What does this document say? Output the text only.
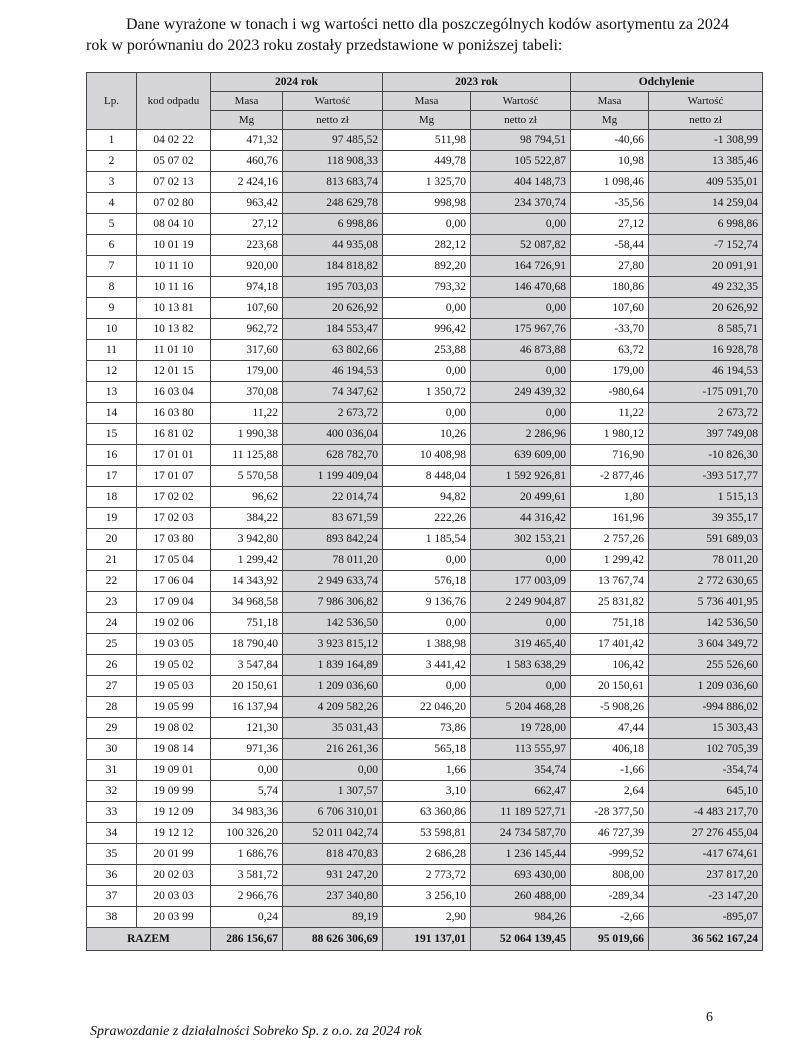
Dane wyrażone w tonach i wg wartości netto dla poszczególnych kodów asortymentu za 2024 rok w porównaniu do 2023 roku zostały przedstawione w poniższej tabeli:

Lp.	kod odpadu	2024 rok		2023 rok		Odchylenie	
		Masa	Wartość	Masa	Wartość	Masa	Wartość
		Mg	netto zł	Mg	netto zł	Mg	netto zł
1	04 02 22	471,32	97 485,52	511,98	98 794,51	-40,66	-1 308,99
2	05 07 02	460,76	118 908,33	449,78	105 522,87	10,98	13 385,46
3	07 02 13	2 424,16	813 683,74	1 325,70	404 148,73	1 098,46	409 535,01
4	07 02 80	963,42	248 629,78	998,98	234 370,74	-35,56	14 259,04
5	08 04 10	27,12	6 998,86	0,00	0,00	27,12	6 998,86
6	10 01 19	223,68	44 935,08	282,12	52 087,82	-58,44	-7 152,74
7	10 11 10	920,00	184 818,82	892,20	164 726,91	27,80	20 091,91
8	10 11 16	974,18	195 703,03	793,32	146 470,68	180,86	49 232,35
9	10 13 81	107,60	20 626,92	0,00	0,00	107,60	20 626,92
10	10 13 82	962,72	184 553,47	996,42	175 967,76	-33,70	8 585,71
11	11 01 10	317,60	63 802,66	253,88	46 873,88	63,72	16 928,78
12	12 01 15	179,00	46 194,53	0,00	0,00	179,00	46 194,53
13	16 03 04	370,08	74 347,62	1 350,72	249 439,32	-980,64	-175 091,70
14	16 03 80	11,22	2 673,72	0,00	0,00	11,22	2 673,72
15	16 81 02	1 990,38	400 036,04	10,26	2 286,96	1 980,12	397 749,08
16	17 01 01	11 125,88	628 782,70	10 408,98	639 609,00	716,90	-10 826,30
17	17 01 07	5 570,58	1 199 409,04	8 448,04	1 592 926,81	-2 877,46	-393 517,77
18	17 02 02	96,62	22 014,74	94,82	20 499,61	1,80	1 515,13
19	17 02 03	384,22	83 671,59	222,26	44 316,42	161,96	39 355,17
20	17 03 80	3 942,80	893 842,24	1 185,54	302 153,21	2 757,26	591 689,03
21	17 05 04	1 299,42	78 011,20	0,00	0,00	1 299,42	78 011,20
22	17 06 04	14 343,92	2 949 633,74	576,18	177 003,09	13 767,74	2 772 630,65
23	17 09 04	34 968,58	7 986 306,82	9 136,76	2 249 904,87	25 831,82	5 736 401,95
24	19 02 06	751,18	142 536,50	0,00	0,00	751,18	142 536,50
25	19 03 05	18 790,40	3 923 815,12	1 388,98	319 465,40	17 401,42	3 604 349,72
26	19 05 02	3 547,84	1 839 164,89	3 441,42	1 583 638,29	106,42	255 526,60
27	19 05 03	20 150,61	1 209 036,60	0,00	0,00	20 150,61	1 209 036,60
28	19 05 99	16 137,94	4 209 582,26	22 046,20	5 204 468,28	-5 908,26	-994 886,02
29	19 08 02	121,30	35 031,43	73,86	19 728,00	47,44	15 303,43
30	19 08 14	971,36	216 261,36	565,18	113 555,97	406,18	102 705,39
31	19 09 01	0,00	0,00	1,66	354,74	-1,66	-354,74
32	19 09 99	5,74	1 307,57	3,10	662,47	2,64	645,10
33	19 12 09	34 983,36	6 706 310,01	63 360,86	11 189 527,71	-28 377,50	-4 483 217,70
34	19 12 12	100 326,20	52 011 042,74	53 598,81	24 734 587,70	46 727,39	27 276 455,04
35	20 01 99	1 686,76	818 470,83	2 686,28	1 236 145,44	-999,52	-417 674,61
36	20 02 03	3 581,72	931 247,20	2 773,72	693 430,00	808,00	237 817,20
37	20 03 03	2 966,76	237 340,80	3 256,10	260 488,00	-289,34	-23 147,20
38	20 03 99	0,24	89,19	2,90	984,26	-2,66	-895,07
RAZEM		286 156,67	88 626 306,69	191 137,01	52 064 139,45	95 019,66	36 562 167,24
6
Sprawozdanie z działalności Sobreko Sp. z o.o. za 2024 rok
